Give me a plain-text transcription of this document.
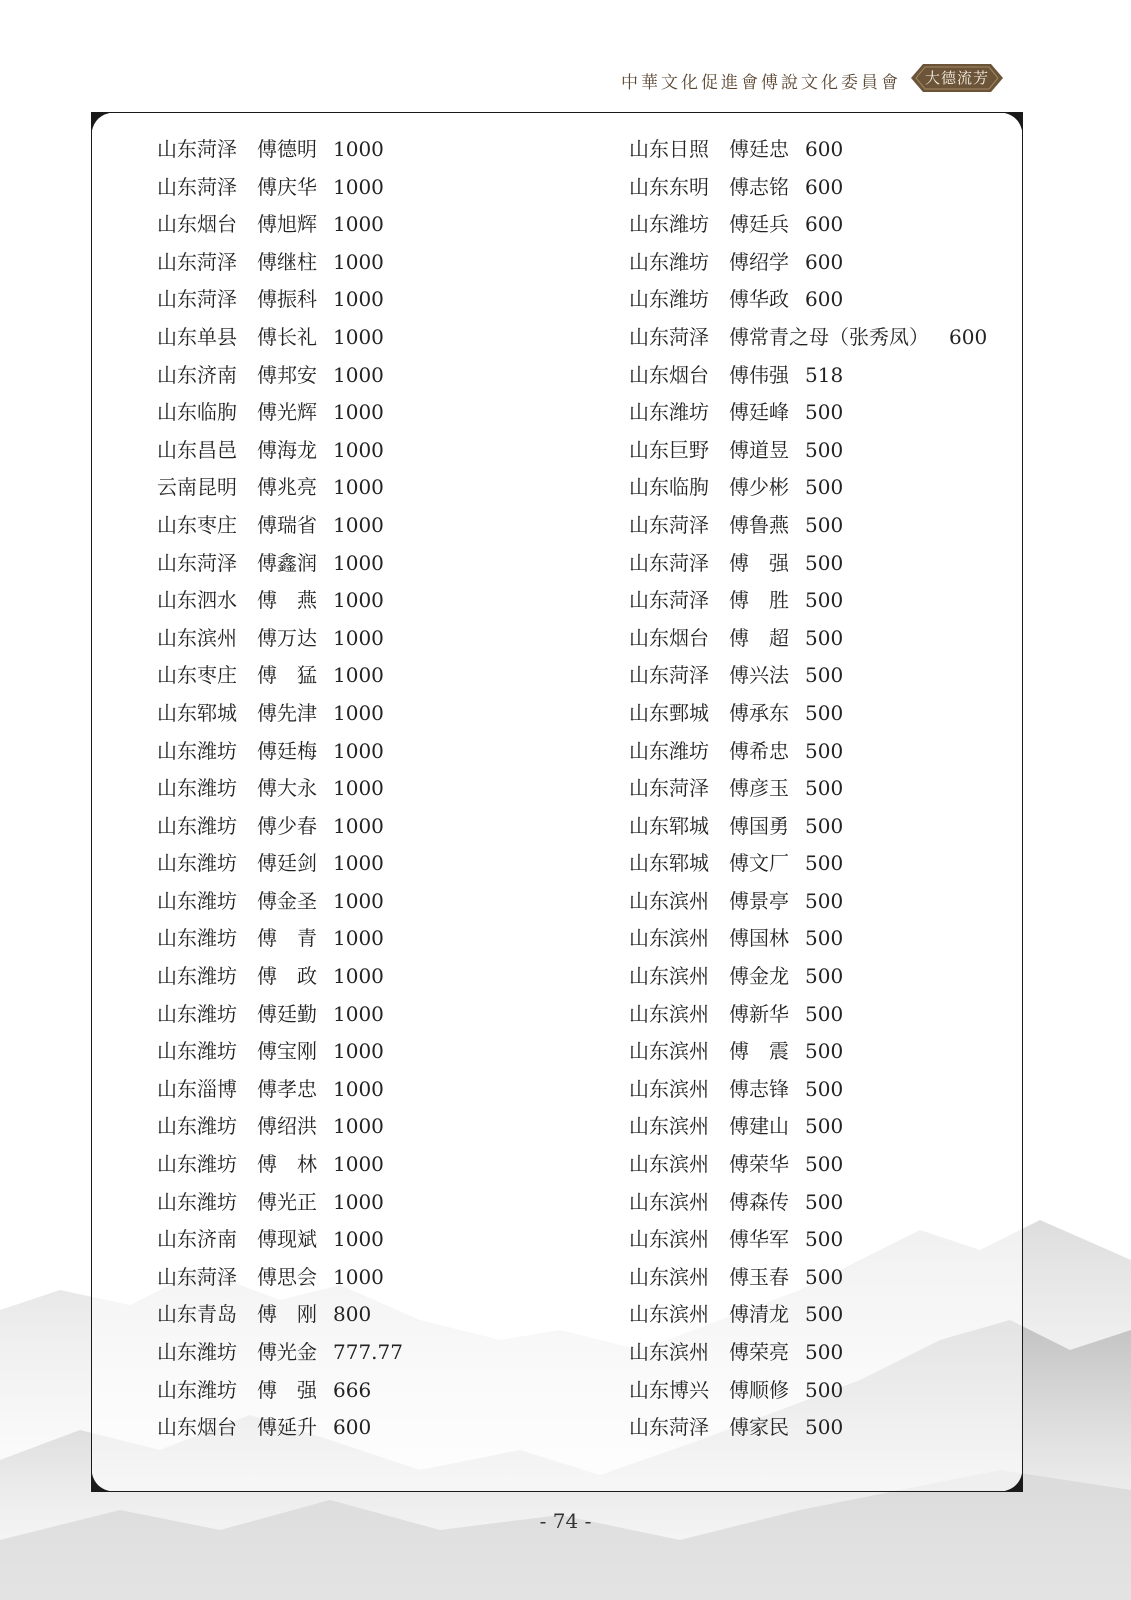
中華文化促進會傅說文化委員會	大德流芳
山东菏泽 傅德明 1000
山东菏泽 傅庆华 1000
山东烟台 傅旭辉 1000
山东菏泽 傅继柱 1000
山东菏泽 傅振科 1000
山东单县 傅长礼 1000
山东济南 傅邦安 1000
山东临朐 傅光辉 1000
山东昌邑 傅海龙 1000
云南昆明 傅兆亮 1000
山东枣庄 傅瑞省 1000
山东菏泽 傅鑫润 1000
山东泗水 傅　燕 1000
山东滨州 傅万达 1000
山东枣庄 傅　猛 1000
山东郓城 傅先津 1000
山东潍坊 傅廷梅 1000
山东潍坊 傅大永 1000
山东潍坊 傅少春 1000
山东潍坊 傅廷剑 1000
山东潍坊 傅金圣 1000
山东潍坊 傅　青 1000
山东潍坊 傅　政 1000
山东潍坊 傅廷勤 1000
山东潍坊 傅宝刚 1000
山东淄博 傅孝忠 1000
山东潍坊 傅绍洪 1000
山东潍坊 傅　林 1000
山东潍坊 傅光正 1000
山东济南 傅现斌 1000
山东菏泽 傅思会 1000
山东青岛 傅　刚 800
山东潍坊 傅光金 777.77
山东潍坊 傅　强 666
山东烟台 傅延升 600
山东日照 傅廷忠 600
山东东明 傅志铭 600
山东潍坊 傅廷兵 600
山东潍坊 傅绍学 600
山东潍坊 傅华政 600
山东菏泽 傅常青之母（张秀凤） 600
山东烟台 傅伟强 518
山东潍坊 傅廷峰 500
山东巨野 傅道昱 500
山东临朐 傅少彬 500
山东菏泽 傅鲁燕 500
山东菏泽 傅　强 500
山东菏泽 傅　胜 500
山东烟台 傅　超 500
山东菏泽 傅兴法 500
山东鄄城 傅承东 500
山东潍坊 傅希忠 500
山东菏泽 傅彦玉 500
山东郓城 傅国勇 500
山东郓城 傅文厂 500
山东滨州 傅景亭 500
山东滨州 傅国林 500
山东滨州 傅金龙 500
山东滨州 傅新华 500
山东滨州 傅　震 500
山东滨州 傅志锋 500
山东滨州 傅建山 500
山东滨州 傅荣华 500
山东滨州 傅森传 500
山东滨州 傅华军 500
山东滨州 傅玉春 500
山东滨州 傅清龙 500
山东滨州 傅荣亮 500
山东博兴 傅顺修 500
山东菏泽 傅家民 500
- 74 -
